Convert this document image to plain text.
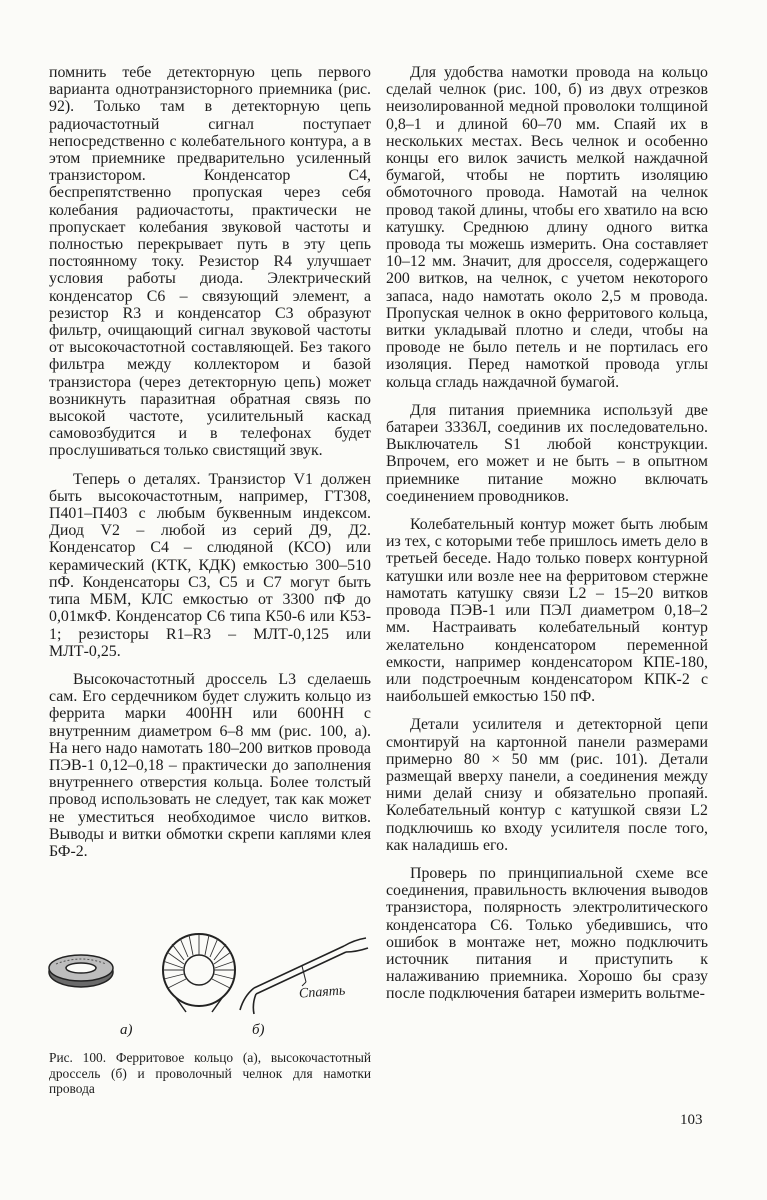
помнить тебе детекторную цепь первого варианта однотранзисторного приемника (рис. 92). Только там в детекторную цепь радиочастотный сигнал поступает непосредственно с колебательного контура, а в этом приемнике предварительно усиленный транзистором. Конденсатор С4, беспрепятственно пропуская через себя колебания радиочастоты, практически не пропускает колебания звуковой частоты и полностью перекрывает путь в эту цепь постоянному току. Резистор R4 улучшает условия работы диода. Электрический конденсатор С6 – связующий элемент, а резистор R3 и конденсатор С3 образуют фильтр, очищающий сигнал звуковой частоты от высокочастотной составляющей. Без такого фильтра между коллектором и базой транзистора (через детекторную цепь) может возникнуть паразитная обратная связь по высокой частоте, усилительный каскад самовозбудится и в телефонах будет прослушиваться только свистящий звук.

Теперь о деталях. Транзистор V1 должен быть высокочастотным, например, ГТ308, П401–П403 с любым буквенным индексом. Диод V2 – любой из серий Д9, Д2. Конденсатор С4 – слюдяной (КСО) или керамический (КТК, КДК) емкостью 300–510 пФ. Конденсаторы С3, С5 и С7 могут быть типа МБМ, КЛС емкостью от 3300 пФ до 0,01мкФ. Конденсатор С6 типа К50-6 или К53-1; резисторы R1–R3 – МЛТ-0,125 или МЛТ-0,25.

Высокочастотный дроссель L3 сделаешь сам. Его сердечником будет служить кольцо из феррита марки 400НН или 600НН с внутренним диаметром 6–8 мм (рис. 100, а). На него надо намотать 180–200 витков провода ПЭВ-1 0,12–0,18 – практически до заполнения внутреннего отверстия кольца. Более толстый провод использовать не следует, так как может не уместиться необходимое число витков. Выводы и витки обмотки скрепи каплями клея БФ-2.

а)	б)
Спаять
Рис. 100. Ферритовое кольцо (а), высокочастотный дроссель (б) и проволочный челнок для намотки провода

Для удобства намотки провода на кольцо сделай челнок (рис. 100, б) из двух отрезков неизолированной медной проволоки толщиной 0,8–1 и длиной 60–70 мм. Спаяй их в нескольких местах. Весь челнок и особенно концы его вилок зачисть мелкой наждачной бумагой, чтобы не портить изоляцию обмоточного провода. Намотай на челнок провод такой длины, чтобы его хватило на всю катушку. Среднюю длину одного витка провода ты можешь измерить. Она составляет 10–12 мм. Значит, для дросселя, содержащего 200 витков, на челнок, с учетом некоторого запаса, надо намотать около 2,5 м провода. Пропуская челнок в окно ферритового кольца, витки укладывай плотно и следи, чтобы на проводе не было петель и не портилась его изоляция. Перед намоткой провода углы кольца сгладь наждачной бумагой.

Для питания приемника используй две батареи 3336Л, соединив их последовательно. Выключатель S1 любой конструкции. Впрочем, его может и не быть – в опытном приемнике питание можно включать соединением проводников.

Колебательный контур может быть любым из тех, с которыми тебе пришлось иметь дело в третьей беседе. Надо только поверх контурной катушки или возле нее на ферритовом стержне намотать катушку связи L2 – 15–20 витков провода ПЭВ-1 или ПЭЛ диаметром 0,18–2 мм. Настраивать колебательный контур желательно конденсатором переменной емкости, например конденсатором КПЕ-180, или подстроечным конденсатором КПК-2 с наибольшей емкостью 150 пФ.

Детали усилителя и детекторной цепи смонтируй на картонной панели размерами примерно 80 × 50 мм (рис. 101). Детали размещай вверху панели, а соединения между ними делай снизу и обязательно пропаяй. Колебательный контур с катушкой связи L2 подключишь ко входу усилителя после того, как наладишь его.

Проверь по принципиальной схеме все соединения, правильность включения выводов транзистора, полярность электролитического конденсатора С6. Только убедившись, что ошибок в монтаже нет, можно подключить источник питания и приступить к налаживанию приемника. Хорошо бы сразу после подключения батареи измерить вольтме-

103
